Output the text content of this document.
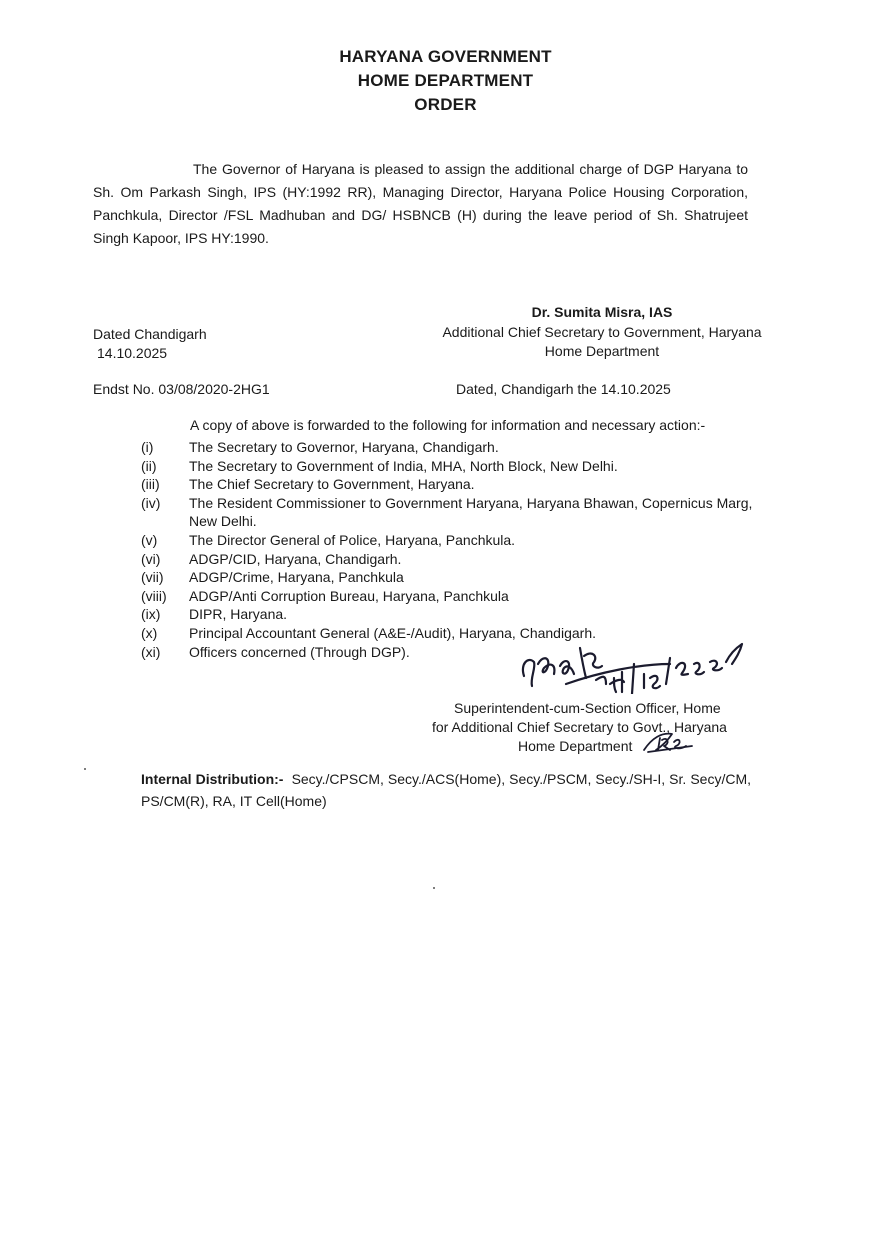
HARYANA GOVERNMENT
HOME DEPARTMENT
ORDER
The Governor of Haryana is pleased to assign the additional charge of DGP Haryana to Sh. Om Parkash Singh, IPS (HY:1992 RR), Managing Director, Haryana Police Housing Corporation, Panchkula, Director /FSL Madhuban and DG/ HSBNCB (H) during the leave period of Sh. Shatrujeet Singh Kapoor, IPS HY:1990.
Dr. Sumita Misra, IAS
Additional Chief Secretary to Government, Haryana
Home Department
Dated Chandigarh
14.10.2025
Endst No. 03/08/2020-2HG1	Dated, Chandigarh the 14.10.2025
A copy of above is forwarded to the following for information and necessary action:-
(i)	The Secretary to Governor, Haryana, Chandigarh.
(ii)	The Secretary to Government of India, MHA, North Block, New Delhi.
(iii)	The Chief Secretary to Government, Haryana.
(iv)	The Resident Commissioner to Government Haryana, Haryana Bhawan, Copernicus Marg, New Delhi.
(v)	The Director General of Police, Haryana, Panchkula.
(vi)	ADGP/CID, Haryana, Chandigarh.
(vii)	ADGP/Crime, Haryana, Panchkula
(viii)	ADGP/Anti Corruption Bureau, Haryana, Panchkula
(ix)	DIPR, Haryana.
(x)	Principal Accountant General (A&E-/Audit), Haryana, Chandigarh.
(xi)	Officers concerned (Through DGP).
Superintendent-cum-Section Officer, Home
for Additional Chief Secretary to Govt., Haryana
Home Department
Internal Distribution:- Secy./CPSCM, Secy./ACS(Home), Secy./PSCM, Secy./SH-I, Sr. Secy/CM, PS/CM(R), RA, IT Cell(Home)
